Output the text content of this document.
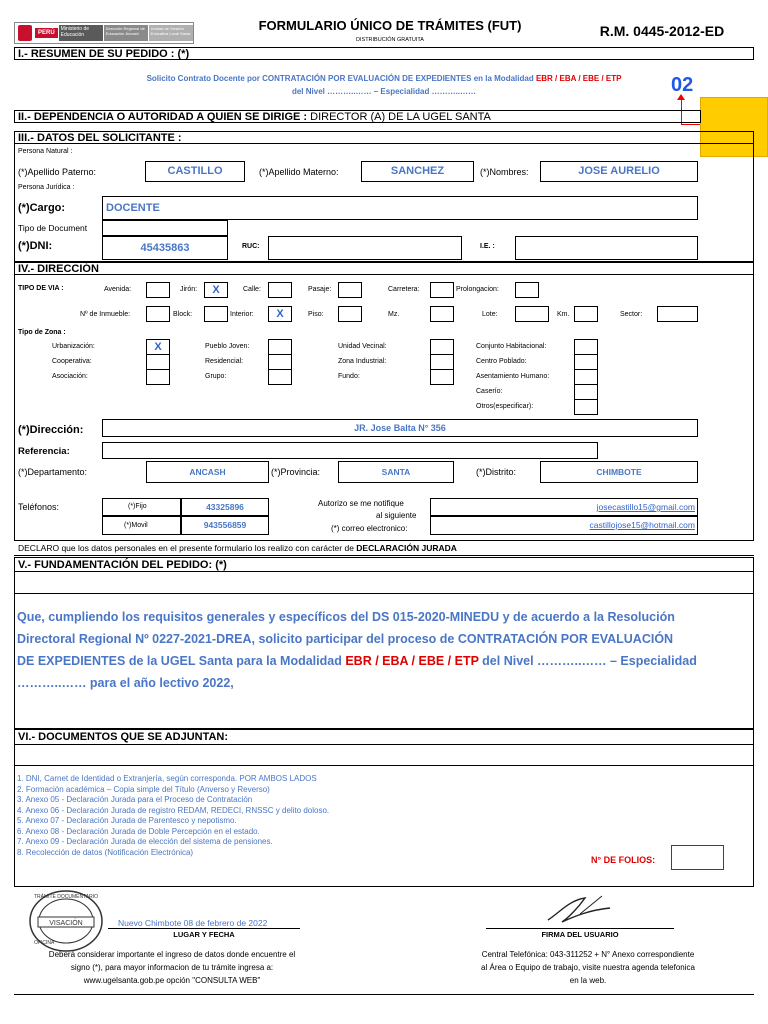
PERÚ
Ministerio de Educación
Dirección Regional de Educación Áncash
Unidad de Gestión Educativa Local Santa
FORMULARIO ÚNICO DE TRÁMITES (FUT)
DISTRIBUCIÓN GRATUITA
R.M. 0445-2012-ED
I.- RESUMEN DE SU PEDIDO : (*)
Solicito Contrato Docente por CONTRATACIÓN POR EVALUACIÓN DE EXPEDIENTES en la Modalidad EBR / EBA / EBE / ETP
del Nivel ………..…… – Especialidad ………..……	02
II.- DEPENDENCIA O AUTORIDAD A QUIEN SE DIRIGE : DIRECTOR (A) DE LA UGEL SANTA
III.- DATOS DEL SOLICITANTE :
Persona Natural :
(*)Apellido Paterno:	CASTILLO	(*)Apellido Materno:	SANCHEZ	(*)Nombres:	JOSE AURELIO
Persona Jurídica :
(*)Cargo:	DOCENTE
Tipo de Document
(*)DNI:	45435863	RUC:	I.E. :
IV.- DIRECCIÓN
TIPO DE VIA :	Avenida:	Jirón:	X	Calle:	Pasaje:	Carretera:	Prolongacion:
Nº de Inmueble:	Block:	Interior:	X	Piso:	Mz.	Lote:	Km.	Sector:
Tipo de Zona :
Urbanización:	X	Pueblo Joven:	Unidad Vecinal:	Conjunto Habitacional:
Cooperativa:	Residencial:	Zona Industrial:	Centro Poblado:
Asociación:	Grupo:	Fundo:	Asentamiento Humano:
Caserío:
Otros(especificar):
(*)Dirección:	JR. Jose Balta N° 356
Referencia:
(*)Departamento:	ANCASH	(*)Provincia:	SANTA	(*)Distrito:	CHIMBOTE
Teléfonos:	(*)Fijo	43325896
(*)Movil	943556859
Autorizo se me notifique
al siguiente
(*) correo electronico:
josecastillo15@gmail.com
castillojose15@hotmail.com
DECLARO que los datos personales en el presente formulario los realizo con carácter de DECLARACIÓN JURADA
V.- FUNDAMENTACIÓN DEL PEDIDO: (*)
Que, cumpliendo los requisitos generales y específicos del DS 015-2020-MINEDU y de acuerdo a la Resolución
Directoral Regional Nº 0227-2021-DREA, solicito participar del proceso de CONTRATACIÓN POR EVALUACIÓN
DE EXPEDIENTES de la UGEL Santa para la Modalidad EBR / EBA / EBE / ETP del Nivel ………..…… – Especialidad
………..…… para el año lectivo 2022,
VI.- DOCUMENTOS QUE SE ADJUNTAN:
1. DNI, Carnet de Identidad o Extranjería, según corresponda. POR AMBOS LADOS
2. Formación académica – Copia simple del Título (Anverso y Reverso)
3. Anexo 05 - Declaración Jurada para el Proceso de Contratación
4. Anexo 06 - Declaración Jurada de registro REDAM, REDECI, RNSSC y delito doloso.
5. Anexo 07 - Declaración Jurada de Parentesco y nepotismo.
6. Anexo 08 - Declaración Jurada de Doble Percepción en el estado.
7. Anexo 09 - Declaración Jurada de elección del sistema de pensiones.
8. Recolección de datos (Notificación Electrónica)
N° DE FOLIOS:
VISACIÓN
TRÁMITE DOCUMENTARIO
OFICINA
Nuevo Chimbote 08 de febrero de 2022
LUGAR Y FECHA	FIRMA DEL USUARIO
Deberá considerar importante el ingreso de datos donde encuentre el
signo (*), para mayor informacion de tu trámite ingresa a:
www.ugelsanta.gob.pe opción "CONSULTA WEB"
Central Telefónica: 043-311252 + N° Anexo correspondiente
al Área o Equipo de trabajo, visite nuestra agenda telefonica
en la web.
